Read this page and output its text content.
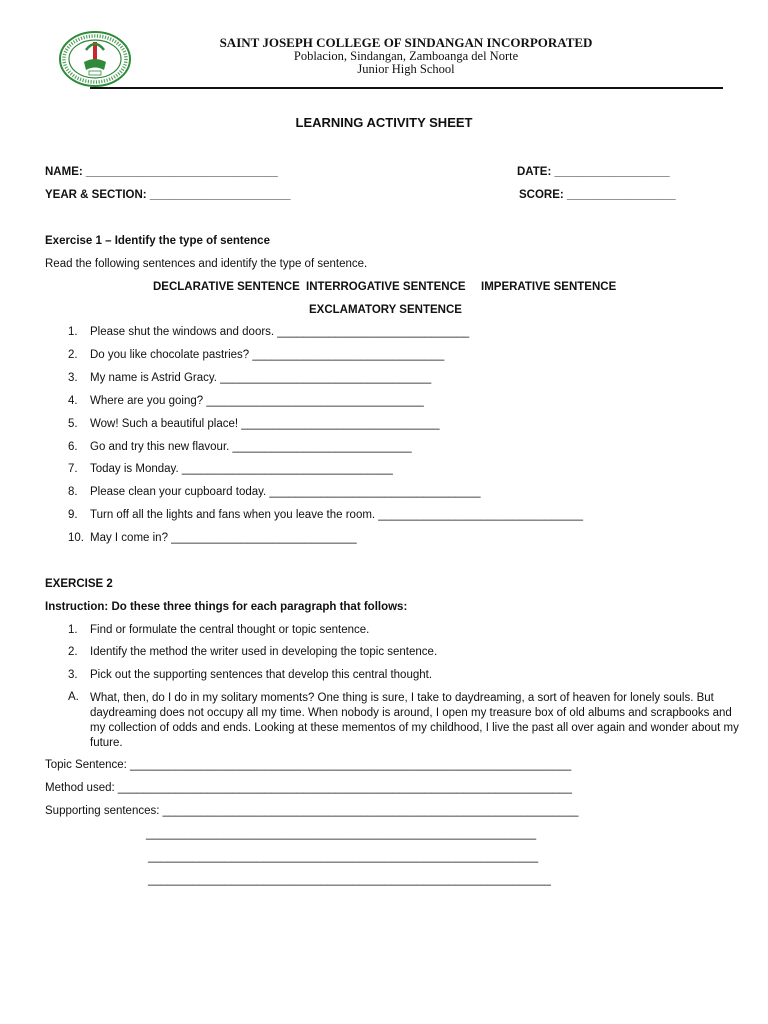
SAINT JOSEPH COLLEGE OF SINDANGAN INCORPORATED
Poblacion, Sindangan, Zamboanga del Norte
Junior High School
LEARNING ACTIVITY SHEET
NAME: ______________________________	DATE: __________________
YEAR & SECTION: ______________________	SCORE: _________________
Exercise 1 – Identify the type of sentence
Read the following sentences and identify the type of sentence.
DECLARATIVE SENTENCE INTERROGATIVE SENTENCE IMPERATIVE SENTENCE
EXCLAMATORY SENTENCE
1. Please shut the windows and doors. ______________________________
2. Do you like chocolate pastries? ______________________________
3. My name is Astrid Gracy. _________________________________
4. Where are you going? __________________________________
5. Wow! Such a beautiful place! _______________________________
6. Go and try this new flavour. ____________________________
7. Today is Monday. _________________________________
8. Please clean your cupboard today. _________________________________
9. Turn off all the lights and fans when you leave the room. ________________________________
10. May I come in? _____________________________
EXERCISE 2
Instruction: Do these three things for each paragraph that follows:
1. Find or formulate the central thought or topic sentence.
2. Identify the method the writer used in developing the topic sentence.
3. Pick out the supporting sentences that develop this central thought.
A. What, then, do I do in my solitary moments? One thing is sure, I take to daydreaming, a sort of heaven for lonely souls. But daydreaming does not occupy all my time. When nobody is around, I open my treasure box of old albums and scrapbooks and my collection of odds and ends. Looking at these mementos of my childhood, I live the past all over again and wonder about my future.
Topic Sentence: _____________________________________________________________________
Method used: _______________________________________________________________________
Supporting sentences: _________________________________________________________________
_____________________________________________________________
_____________________________________________________________
_______________________________________________________________
